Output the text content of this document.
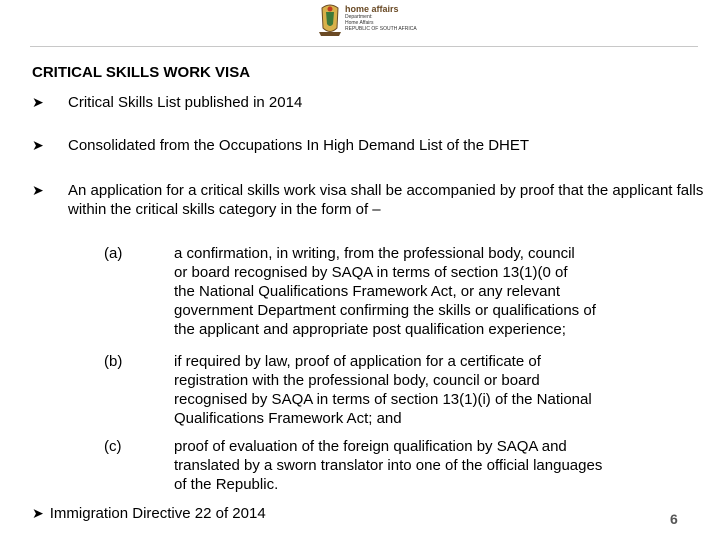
home affairs
Department:
Home Affairs
REPUBLIC OF SOUTH AFRICA
CRITICAL SKILLS WORK VISA
➤ Critical Skills List published in 2014
➤ Consolidated from the Occupations In High Demand List of the DHET
➤ An application for a critical skills work visa shall be accompanied by proof that the applicant falls within the critical skills category in the form of –
(a)	a confirmation, in writing, from the professional body, council
or board recognised by SAQA in terms of section 13(1)(0 of
the National Qualifications Framework Act, or any relevant
government Department confirming the skills or qualifications of
the applicant and appropriate post qualification experience;
(b)	if required by law, proof of application for a certificate of
registration with the professional body, council or board
recognised by SAQA in terms of section 13(1)(i) of the National
Qualifications Framework Act; and
(c)	proof of evaluation of the foreign qualification by SAQA and
translated by a sworn translator into one of the official languages
of the Republic.
➤ Immigration Directive 22 of 2014	6
